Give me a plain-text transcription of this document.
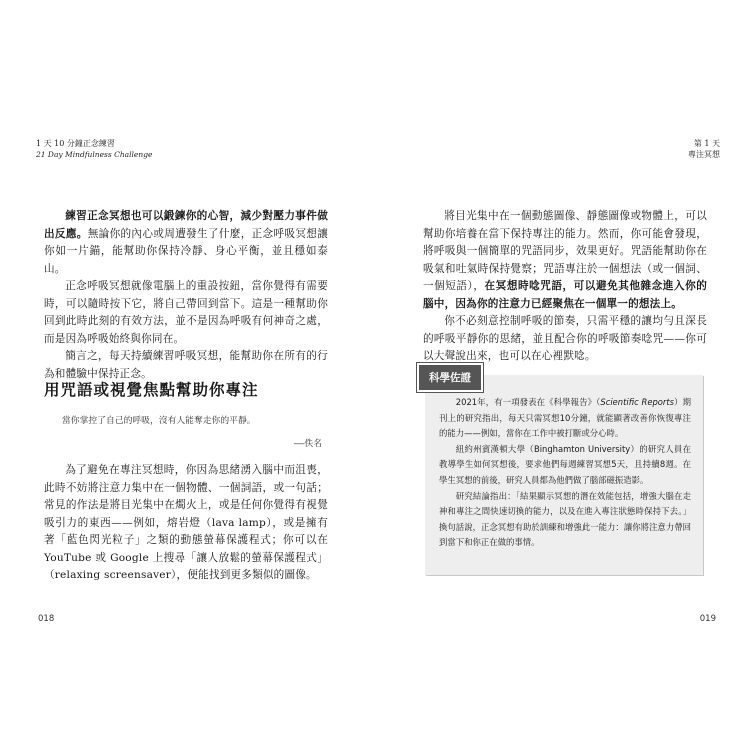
1 天 10 分鐘正念練習
21 Day Mindfulness Challenge

練習正念冥想也可以鍛鍊你的心智，減少對壓力事件做出反應。無論你的內心或周遭發生了什麼，正念呼吸冥想讓你如一片錨，能幫助你保持冷靜、身心平衡，並且穩如泰山。

正念呼吸冥想就像電腦上的重設按鈕，當你覺得有需要時，可以隨時按下它，將自己帶回到當下。這是一種幫助你回到此時此刻的有效方法，並不是因為呼吸有何神奇之處，而是因為呼吸始終與你同在。

簡言之，每天持續練習呼吸冥想，能幫助你在所有的行為和體驗中保持正念。

用咒語或視覺焦點幫助你專注
當你掌控了自己的呼吸，沒有人能奪走你的平靜。
——佚名

為了避免在專注冥想時，你因為思緒湧入腦中而沮喪，此時不妨將注意力集中在一個物體、一個詞語，或一句話；常見的作法是將目光集中在燭火上，或是任何你覺得有視覺吸引力的東西——例如，熔岩燈（lava lamp），或是擁有著「藍色閃光粒子」之類的動態螢幕保護程式；你可以在 YouTube 或 Google 上搜尋「讓人放鬆的螢幕保護程式」（relaxing screensaver），便能找到更多類似的圖像。

018
第 1 天
專注冥想

將目光集中在一個動態圖像、靜態圖像或物體上，可以幫助你培養在當下保持專注的能力。然而，你可能會發現，將呼吸與一個簡單的咒語同步，效果更好。咒語能幫助你在吸氣和吐氣時保持覺察；咒語專注於一個想法（或一個詞、一個短語），在冥想時唸咒語，可以避免其他雜念進入你的腦中，因為你的注意力已經聚焦在一個單一的想法上。

你不必刻意控制呼吸的節奏，只需平穩的讓均勻且深長的呼吸平靜你的思緒，並且配合你的呼吸節奏唸咒——你可以大聲說出來，也可以在心裡默唸。

科學佐證

2021年，有一項發表在《科學報告》（Scientific Reports）期刊上的研究指出，每天只需冥想10分鐘，就能顯著改善你恢復專注的能力——例如，當你在工作中被打斷或分心時。

紐約州賓漢頓大學（Binghamton University）的研究人員在教導學生如何冥想後，要求他們每週練習冥想5天，且持續8週。在學生冥想的前後，研究人員都為他們做了腦部磁振造影。

研究結論指出：「結果顯示冥想的潛在效能包括，增強大腦在走神和專注之間快速切換的能力，以及在進入專注狀態時保持下去。」換句話說，正念冥想有助於訓練和增強此一能力：讓你將注意力帶回到當下和你正在做的事情。

019
